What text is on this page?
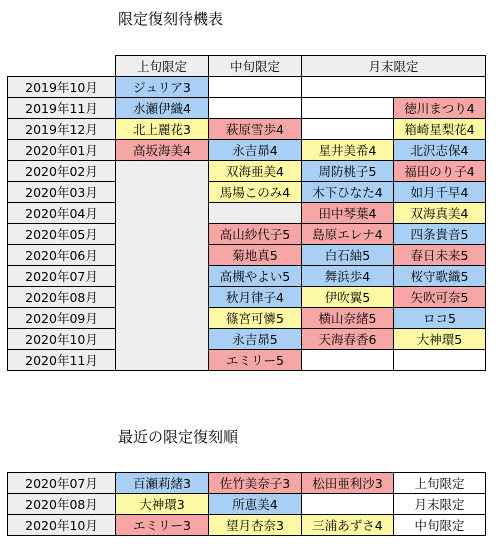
限定復刻待機表
	上旬限定	中旬限定	月末限定	
2019年10月	ジュリア3			
2019年11月	水瀬伊織4			徳川まつり4
2019年12月	北上麗花3	萩原雪歩4		箱崎星梨花4
2020年01月	高坂海美4	永吉昴4	星井美希4	北沢志保4
2020年02月		双海亜美4	周防桃子5	福田のり子4
2020年03月		馬場このみ4	木下ひなた4	如月千早4
2020年04月			田中琴葉4	双海真美4
2020年05月		高山紗代子5	島原エレナ4	四条貴音5
2020年06月		菊地真5	白石紬5	春日未来5
2020年07月		高槻やよい5	舞浜歩4	桜守歌織5
2020年08月		秋月律子4	伊吹翼5	矢吹可奈5
2020年09月		篠宮可憐5	横山奈緒5	ロコ5
2020年10月		永吉昴5	天海春香6	大神環5
2020年11月		エミリー5		
最近の限定復刻順
2020年07月	百瀬莉緒3	佐竹美奈子3	松田亜利沙3	上旬限定
2020年08月	大神環3	所恵美4		月末限定
2020年10月	エミリー3	望月杏奈3	三浦あずさ4	中旬限定
